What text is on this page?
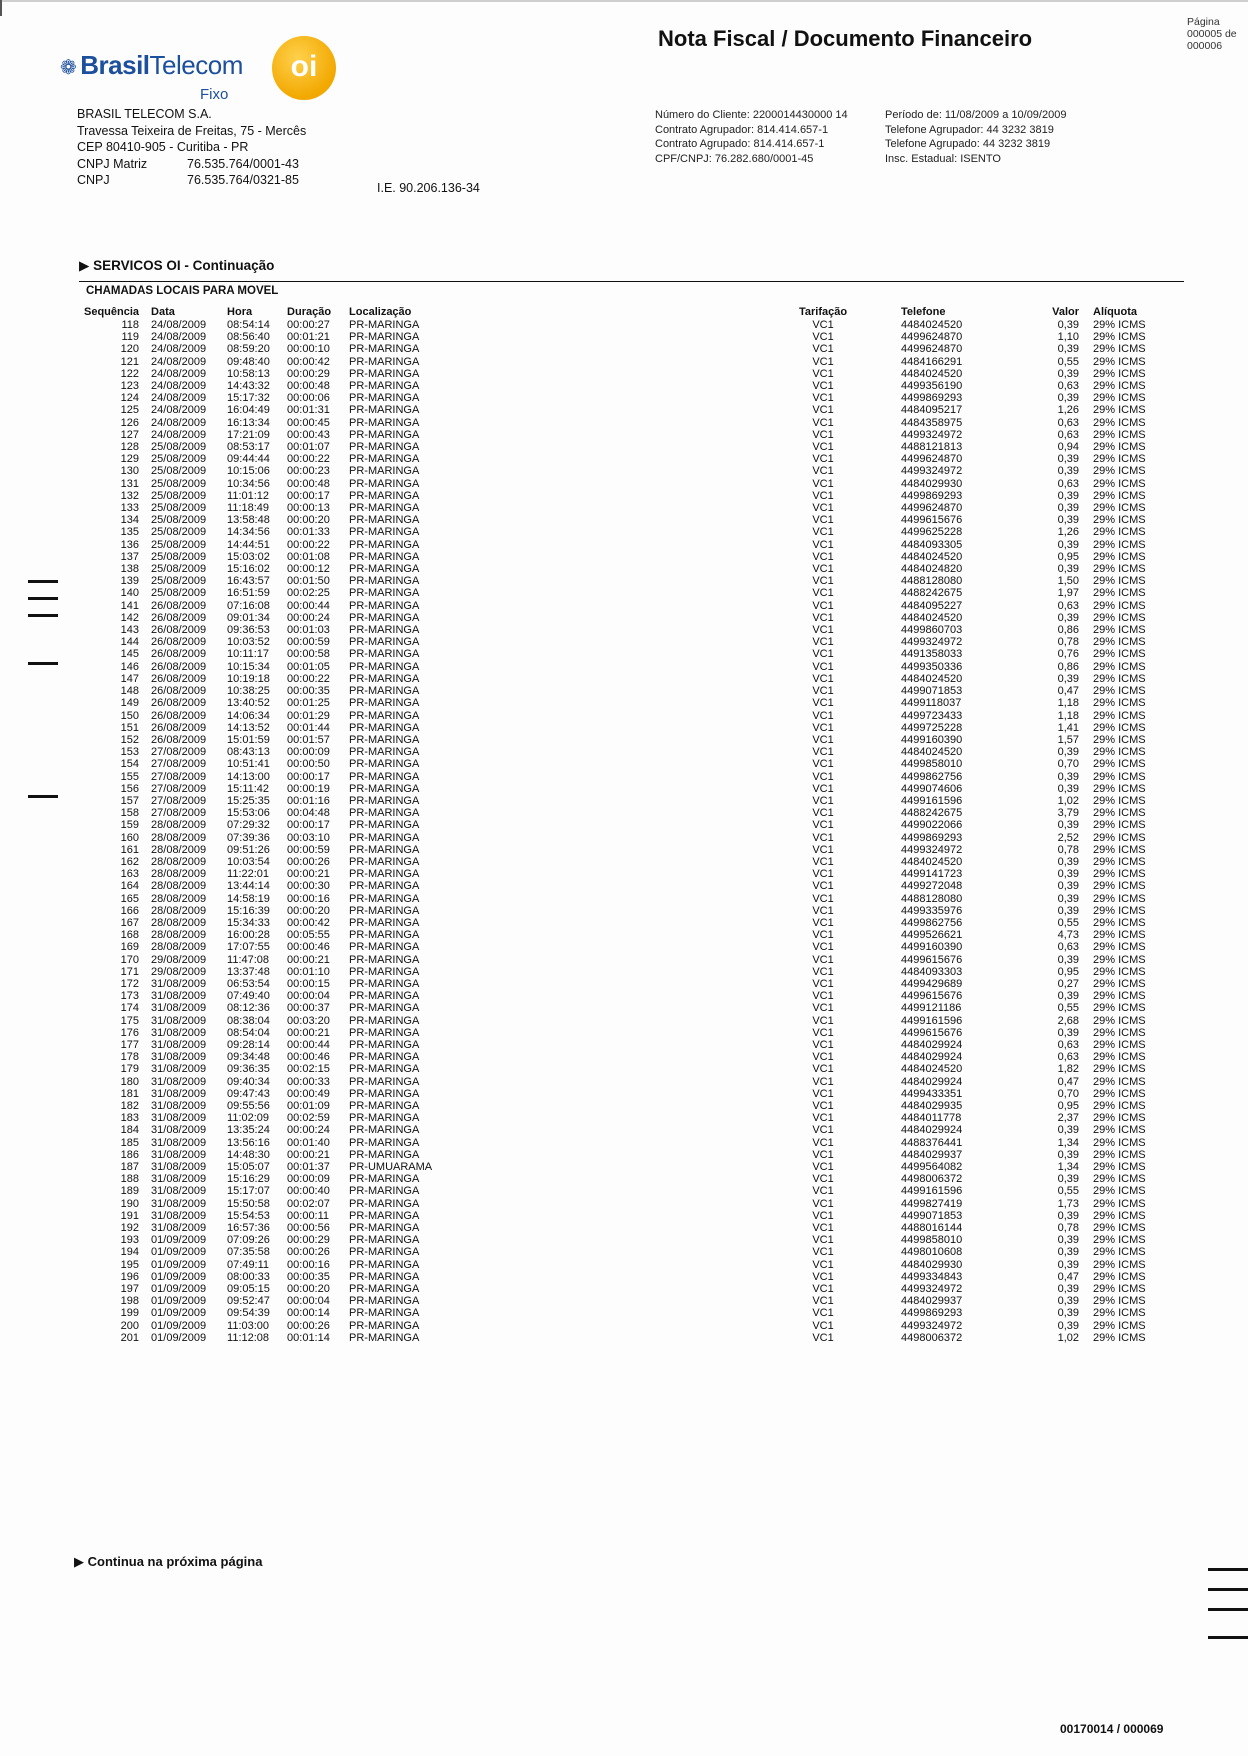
❁ BrasilTelecom
Fixo
oi
BRASIL TELECOM S.A.
Travessa Teixeira de Freitas, 75 - Mercês
CEP 80410-905 - Curitiba - PR
CNPJ Matriz	76.535.764/0001-43
CNPJ	76.535.764/0321-85
I.E. 90.206.136-34
Nota Fiscal / Documento Financeiro
Página
000005 de
000006
Número do Cliente: 2200014430000 14
Contrato Agrupador: 814.414.657-1
Contrato Agrupado: 814.414.657-1
CPF/CNPJ: 76.282.680/0001-45
Período de: 11/08/2009 a 10/09/2009
Telefone Agrupador: 44 3232 3819
Telefone Agrupado: 44 3232 3819
Insc. Estadual: ISENTO
▶ SERVICOS OI - Continuação
CHAMADAS LOCAIS PARA MOVEL
Sequência	Data	Hora	Duração	Localização	Tarifação	Telefone	Valor	Alíquota
118	24/08/2009	08:54:14	00:00:27	PR-MARINGA	VC1	4484024520	0,39	29% ICMS
119	24/08/2009	08:56:40	00:01:21	PR-MARINGA	VC1	4499624870	1,10	29% ICMS
120	24/08/2009	08:59:20	00:00:10	PR-MARINGA	VC1	4499624870	0,39	29% ICMS
121	24/08/2009	09:48:40	00:00:42	PR-MARINGA	VC1	4484166291	0,55	29% ICMS
122	24/08/2009	10:58:13	00:00:29	PR-MARINGA	VC1	4484024520	0,39	29% ICMS
123	24/08/2009	14:43:32	00:00:48	PR-MARINGA	VC1	4499356190	0,63	29% ICMS
124	24/08/2009	15:17:32	00:00:06	PR-MARINGA	VC1	4499869293	0,39	29% ICMS
125	24/08/2009	16:04:49	00:01:31	PR-MARINGA	VC1	4484095217	1,26	29% ICMS
126	24/08/2009	16:13:34	00:00:45	PR-MARINGA	VC1	4484358975	0,63	29% ICMS
127	24/08/2009	17:21:09	00:00:43	PR-MARINGA	VC1	4499324972	0,63	29% ICMS
128	25/08/2009	08:53:17	00:01:07	PR-MARINGA	VC1	4488121813	0,94	29% ICMS
129	25/08/2009	09:44:44	00:00:22	PR-MARINGA	VC1	4499624870	0,39	29% ICMS
130	25/08/2009	10:15:06	00:00:23	PR-MARINGA	VC1	4499324972	0,39	29% ICMS
131	25/08/2009	10:34:56	00:00:48	PR-MARINGA	VC1	4484029930	0,63	29% ICMS
132	25/08/2009	11:01:12	00:00:17	PR-MARINGA	VC1	4499869293	0,39	29% ICMS
133	25/08/2009	11:18:49	00:00:13	PR-MARINGA	VC1	4499624870	0,39	29% ICMS
134	25/08/2009	13:58:48	00:00:20	PR-MARINGA	VC1	4499615676	0,39	29% ICMS
135	25/08/2009	14:34:56	00:01:33	PR-MARINGA	VC1	4499625228	1,26	29% ICMS
136	25/08/2009	14:44:51	00:00:22	PR-MARINGA	VC1	4484093305	0,39	29% ICMS
137	25/08/2009	15:03:02	00:01:08	PR-MARINGA	VC1	4484024520	0,95	29% ICMS
138	25/08/2009	15:16:02	00:00:12	PR-MARINGA	VC1	4484024820	0,39	29% ICMS
139	25/08/2009	16:43:57	00:01:50	PR-MARINGA	VC1	4488128080	1,50	29% ICMS
140	25/08/2009	16:51:59	00:02:25	PR-MARINGA	VC1	4488242675	1,97	29% ICMS
141	26/08/2009	07:16:08	00:00:44	PR-MARINGA	VC1	4484095227	0,63	29% ICMS
142	26/08/2009	09:01:34	00:00:24	PR-MARINGA	VC1	4484024520	0,39	29% ICMS
143	26/08/2009	09:36:53	00:01:03	PR-MARINGA	VC1	4499860703	0,86	29% ICMS
144	26/08/2009	10:03:52	00:00:59	PR-MARINGA	VC1	4499324972	0,78	29% ICMS
145	26/08/2009	10:11:17	00:00:58	PR-MARINGA	VC1	4491358033	0,76	29% ICMS
146	26/08/2009	10:15:34	00:01:05	PR-MARINGA	VC1	4499350336	0,86	29% ICMS
147	26/08/2009	10:19:18	00:00:22	PR-MARINGA	VC1	4484024520	0,39	29% ICMS
148	26/08/2009	10:38:25	00:00:35	PR-MARINGA	VC1	4499071853	0,47	29% ICMS
149	26/08/2009	13:40:52	00:01:25	PR-MARINGA	VC1	4499118037	1,18	29% ICMS
150	26/08/2009	14:06:34	00:01:29	PR-MARINGA	VC1	4499723433	1,18	29% ICMS
151	26/08/2009	14:13:52	00:01:44	PR-MARINGA	VC1	4499725228	1,41	29% ICMS
152	26/08/2009	15:01:59	00:01:57	PR-MARINGA	VC1	4499160390	1,57	29% ICMS
153	27/08/2009	08:43:13	00:00:09	PR-MARINGA	VC1	4484024520	0,39	29% ICMS
154	27/08/2009	10:51:41	00:00:50	PR-MARINGA	VC1	4499858010	0,70	29% ICMS
155	27/08/2009	14:13:00	00:00:17	PR-MARINGA	VC1	4499862756	0,39	29% ICMS
156	27/08/2009	15:11:42	00:00:19	PR-MARINGA	VC1	4499074606	0,39	29% ICMS
157	27/08/2009	15:25:35	00:01:16	PR-MARINGA	VC1	4499161596	1,02	29% ICMS
158	27/08/2009	15:53:06	00:04:48	PR-MARINGA	VC1	4488242675	3,79	29% ICMS
159	28/08/2009	07:29:32	00:00:17	PR-MARINGA	VC1	4499022066	0,39	29% ICMS
160	28/08/2009	07:39:36	00:03:10	PR-MARINGA	VC1	4499869293	2,52	29% ICMS
161	28/08/2009	09:51:26	00:00:59	PR-MARINGA	VC1	4499324972	0,78	29% ICMS
162	28/08/2009	10:03:54	00:00:26	PR-MARINGA	VC1	4484024520	0,39	29% ICMS
163	28/08/2009	11:22:01	00:00:21	PR-MARINGA	VC1	4499141723	0,39	29% ICMS
164	28/08/2009	13:44:14	00:00:30	PR-MARINGA	VC1	4499272048	0,39	29% ICMS
165	28/08/2009	14:58:19	00:00:16	PR-MARINGA	VC1	4488128080	0,39	29% ICMS
166	28/08/2009	15:16:39	00:00:20	PR-MARINGA	VC1	4499335976	0,39	29% ICMS
167	28/08/2009	15:34:33	00:00:42	PR-MARINGA	VC1	4499862756	0,55	29% ICMS
168	28/08/2009	16:00:28	00:05:55	PR-MARINGA	VC1	4499526621	4,73	29% ICMS
169	28/08/2009	17:07:55	00:00:46	PR-MARINGA	VC1	4499160390	0,63	29% ICMS
170	29/08/2009	11:47:08	00:00:21	PR-MARINGA	VC1	4499615676	0,39	29% ICMS
171	29/08/2009	13:37:48	00:01:10	PR-MARINGA	VC1	4484093303	0,95	29% ICMS
172	31/08/2009	06:53:54	00:00:15	PR-MARINGA	VC1	4499429689	0,27	29% ICMS
173	31/08/2009	07:49:40	00:00:04	PR-MARINGA	VC1	4499615676	0,39	29% ICMS
174	31/08/2009	08:12:36	00:00:37	PR-MARINGA	VC1	4499121186	0,55	29% ICMS
175	31/08/2009	08:38:04	00:03:20	PR-MARINGA	VC1	4499161596	2,68	29% ICMS
176	31/08/2009	08:54:04	00:00:21	PR-MARINGA	VC1	4499615676	0,39	29% ICMS
177	31/08/2009	09:28:14	00:00:44	PR-MARINGA	VC1	4484029924	0,63	29% ICMS
178	31/08/2009	09:34:48	00:00:46	PR-MARINGA	VC1	4484029924	0,63	29% ICMS
179	31/08/2009	09:36:35	00:02:15	PR-MARINGA	VC1	4484024520	1,82	29% ICMS
180	31/08/2009	09:40:34	00:00:33	PR-MARINGA	VC1	4484029924	0,47	29% ICMS
181	31/08/2009	09:47:43	00:00:49	PR-MARINGA	VC1	4499433351	0,70	29% ICMS
182	31/08/2009	09:55:56	00:01:09	PR-MARINGA	VC1	4484029935	0,95	29% ICMS
183	31/08/2009	11:02:09	00:02:59	PR-MARINGA	VC1	4484011778	2,37	29% ICMS
184	31/08/2009	13:35:24	00:00:24	PR-MARINGA	VC1	4484029924	0,39	29% ICMS
185	31/08/2009	13:56:16	00:01:40	PR-MARINGA	VC1	4488376441	1,34	29% ICMS
186	31/08/2009	14:48:30	00:00:21	PR-MARINGA	VC1	4484029937	0,39	29% ICMS
187	31/08/2009	15:05:07	00:01:37	PR-UMUARAMA	VC1	4499564082	1,34	29% ICMS
188	31/08/2009	15:16:29	00:00:09	PR-MARINGA	VC1	4498006372	0,39	29% ICMS
189	31/08/2009	15:17:07	00:00:40	PR-MARINGA	VC1	4499161596	0,55	29% ICMS
190	31/08/2009	15:50:58	00:02:07	PR-MARINGA	VC1	4499827419	1,73	29% ICMS
191	31/08/2009	15:54:53	00:00:11	PR-MARINGA	VC1	4499071853	0,39	29% ICMS
192	31/08/2009	16:57:36	00:00:56	PR-MARINGA	VC1	4488016144	0,78	29% ICMS
193	01/09/2009	07:09:26	00:00:29	PR-MARINGA	VC1	4499858010	0,39	29% ICMS
194	01/09/2009	07:35:58	00:00:26	PR-MARINGA	VC1	4498010608	0,39	29% ICMS
195	01/09/2009	07:49:11	00:00:16	PR-MARINGA	VC1	4484029930	0,39	29% ICMS
196	01/09/2009	08:00:33	00:00:35	PR-MARINGA	VC1	4499334843	0,47	29% ICMS
197	01/09/2009	09:05:15	00:00:20	PR-MARINGA	VC1	4499324972	0,39	29% ICMS
198	01/09/2009	09:52:47	00:00:04	PR-MARINGA	VC1	4484029937	0,39	29% ICMS
199	01/09/2009	09:54:39	00:00:14	PR-MARINGA	VC1	4499869293	0,39	29% ICMS
200	01/09/2009	11:03:00	00:00:26	PR-MARINGA	VC1	4499324972	0,39	29% ICMS
201	01/09/2009	11:12:08	00:01:14	PR-MARINGA	VC1	4498006372	1,02	29% ICMS
▶ Continua na próxima página
00170014 / 000069
